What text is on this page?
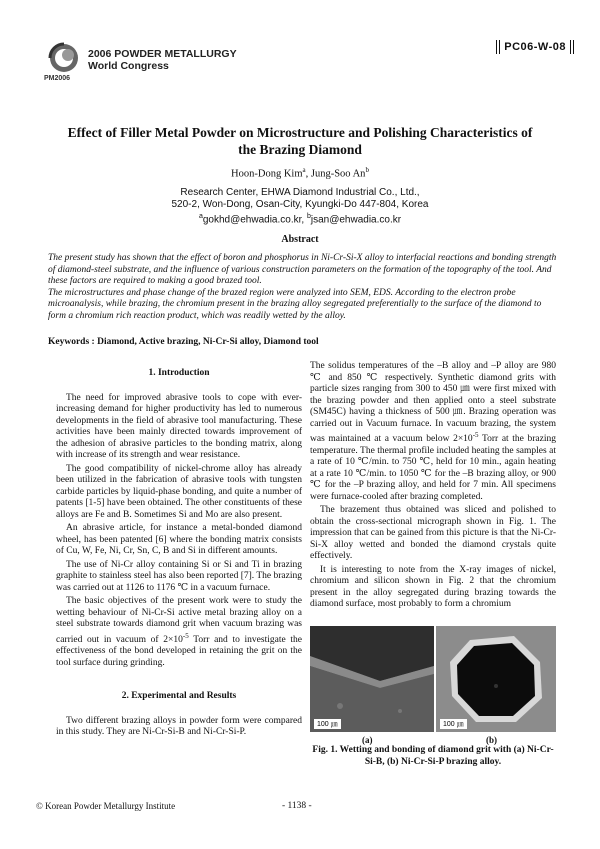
PM2006
2006 POWDER METALLURGY
World Congress
PC06-W-08
Effect of Filler Metal Powder on Microstructure and Polishing Characteristics of
the Brazing Diamond
Hoon-Dong Kim$^a$, Jung-Soo An$^b$
Research Center, EHWA Diamond Industrial Co., Ltd.,
520-2, Won-Dong, Osan-City, Kyungki-Do 447-804, Korea
$^a$gokhd@ehwadia.co.kr, $^b$jsan@ehwadia.co.kr
Abstract

The present study has shown that the effect of boron and phosphorus in Ni-Cr-Si-X alloy to interfacial reactions and bonding strength of diamond-steel substrate, and the influence of various construction parameters on the formation of the topography of the tool. And these factors are required to making a good brazed tool.

The microstructures and phase change of the brazed region were analyzed into SEM, EDS. According to the electron probe microanalysis, while brazing, the chromium present in the brazing alloy segregated preferentially to the surface of the diamond to form a chromium rich reaction product, which was readily wetted by the alloy.

Keywords : Diamond, Active brazing, Ni-Cr-Si alloy, Diamond tool
1. Introduction

The need for improved abrasive tools to cope with ever-increasing demand for higher productivity has led to numerous developments in the field of abrasive tool manufacturing. These activities have been mainly directed towards improvement of the adhesion of abrasive particles to the bonding matrix, along with increase of its strength and wear resistance.

The good compatibility of nickel-chrome alloy has already been utilized in the fabrication of abrasive tools with tungsten carbide particles by liquid-phase bonding, and quite a number of patents [1-5] have been obtained. The other constituents of these alloys are Fe and B. Sometimes Si and Mo are also present.

An abrasive article, for instance a metal-bonded diamond wheel, has been patented [6] where the bonding matrix consists of Cu, W, Fe, Ni, Cr, Sn, C, B and Si in different amounts.

The use of Ni-Cr alloy containing Si or Si and Ti in brazing graphite to stainless steel has also been reported [7]. The brazing was carried out at 1126 to 1176 ℃ in a vacuum furnace.

The basic objectives of the present work were to study the wetting behaviour of Ni-Cr-Si active metal brazing alloy on a steel substrate towards diamond grit when vacuum brazing was carried out in vacuum of $2\times 10^{-5}$ Torr and to investigate the effectiveness of the bond developed in retaining the grit on the tool surface during grinding.

2. Experimental and Results

Two different brazing alloys in powder form were compared in this study. They are Ni-Cr-Si-B and Ni-Cr-Si-P.

The solidus temperatures of the –B alloy and –P alloy are 980 ℃ and 850 ℃ respectively. Synthetic diamond grits with particle sizes ranging from 300 to 450 ㎛ were first mixed with the brazing powder and then applied onto a steel substrate (SM45C) having a thickness of 500 ㎛. Brazing operation was carried out in Vacuum furnace. In vacuum brazing, the system was maintained at a vacuum below $2\times 10^{-5}$ Torr at the brazing temperature. The thermal profile included heating the samples at a rate of 10 ℃/min. to 750 ℃, held for 10 min., again heating at a rate 10 ℃/min. to 1050 ℃ for the –B brazing alloy, or 900 ℃ for the –P brazing alloy, and held for 7 min. All specimens were furnace-cooled after brazing completed.

The brazement thus obtained was sliced and polished to obtain the cross-sectional micrograph shown in Fig. 1. The impression that can be gained from this picture is that the Ni-Cr-Si-X alloy wetted and bonded the diamond crystals quite effectively.

It is interesting to note from the X-ray images of nickel, chromium and silicon shown in Fig. 2 that the chromium present in the alloy segregated during brazing towards the diamond surface, most probably to form a chromium

100 ㎛	100 ㎛
(a)	(b)
Fig. 1. Wetting and bonding of diamond grit with (a) Ni-Cr-Si-B, (b) Ni-Cr-Si-P brazing alloy.
© Korean Powder Metallurgy Institute	- 1138 -
